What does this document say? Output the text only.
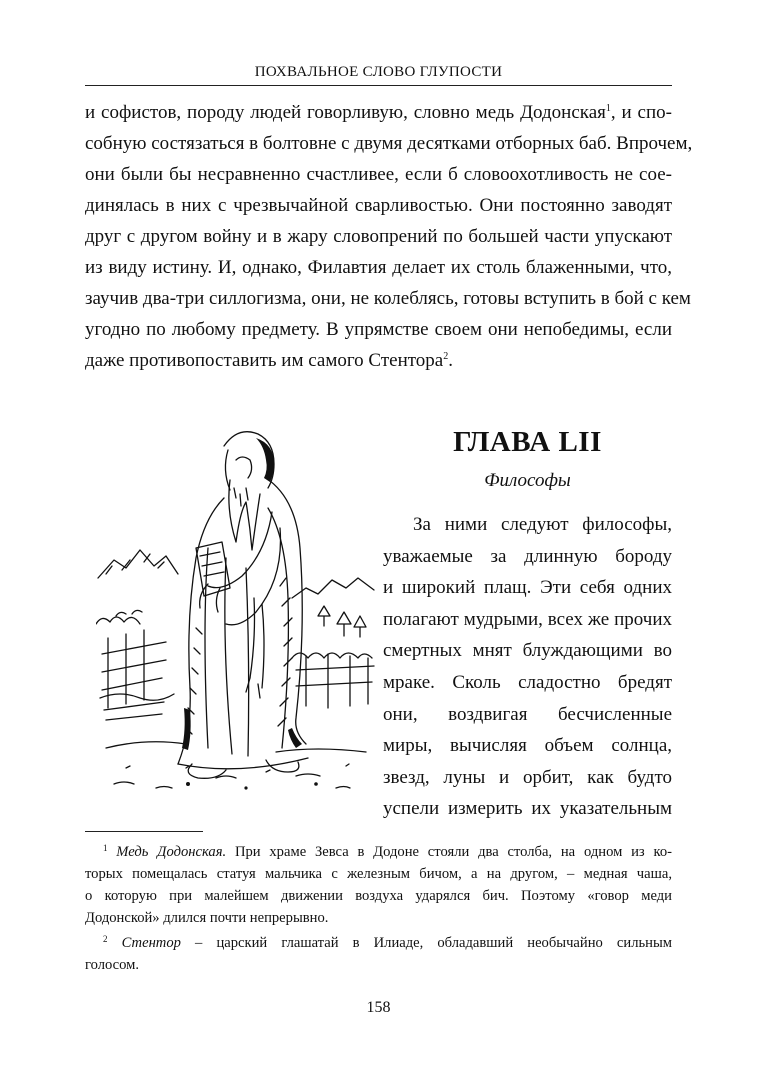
ПОХВАЛЬНОЕ СЛОВО ГЛУПОСТИ
и софистов, породу людей говорливую, словно медь Додонская$^1$, и спо-
собную состязаться в болтовне с двумя десятками отборных баб. Впрочем,
они были бы несравненно счастливее, если б словоохотливость не сое-
динялась в них с чрезвычайной сварливостью. Они постоянно заводят
друг с другом войну и в жару словопрений по большей части упускают
из виду истину. И, однако, Филавтия делает их столь блаженными, что,
заучив два-три силлогизма, они, не колеблясь, готовы вступить в бой с кем
угодно по любому предмету. В упрямстве своем они непобедимы, если
даже противопоставить им самого Стентора$^2$.
ГЛАВА LII
Философы
За ними следуют философы,
уважаемые за длинную бороду
и широкий плащ. Эти себя одних
полагают мудрыми, всех же прочих
смертных мнят блуждающими во
мраке. Сколь сладостно бредят
они, воздвигая бесчисленные
миры, вычисляя объем солнца,
звезд, луны и орбит, как будто
успели измерить их указательным
$^1$ Медь Додонская. При храме Зевса в Додоне стояли два столба, на одном из ко-
торых помещалась статуя мальчика с железным бичом, а на другом, – медная чаша,
о которую при малейшем движении воздуха ударялся бич. Поэтому «говор меди
Додонской» длился почти непрерывно.
$^2$ Стентор – царский глашатай в Илиаде, обладавший необычайно сильным
голосом.
158
